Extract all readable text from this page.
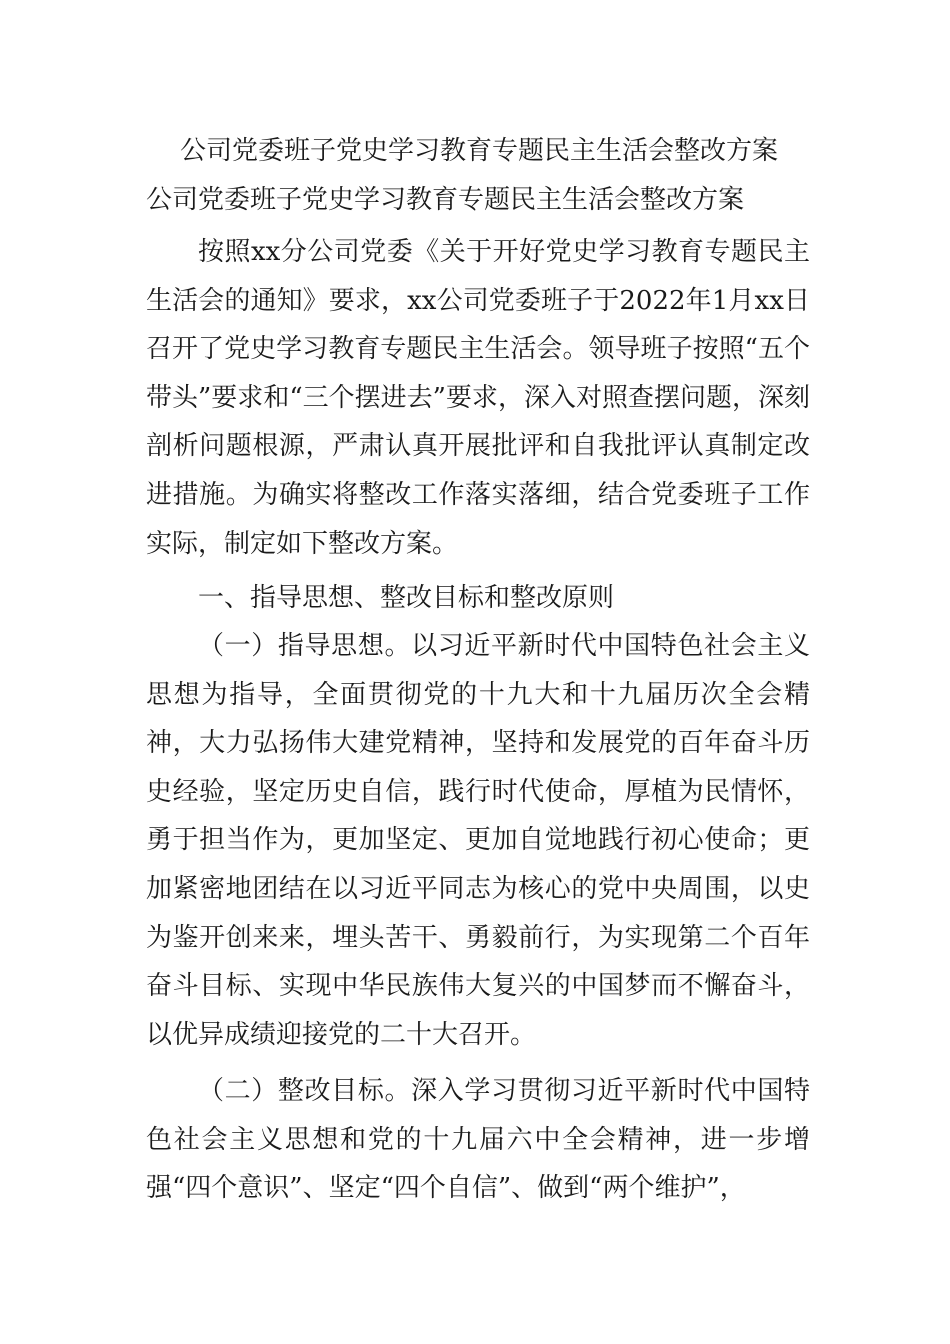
公司党委班子党史学习教育专题民主生活会整改方案
公司党委班子党史学习教育专题民主生活会整改方案

按照xx分公司党委《关于开好党史学习教育专题民主生活会的通知》要求，xx公司党委班子于2022年1月xx日召开了党史学习教育专题民主生活会。领导班子按照“五个带头”要求和“三个摆进去”要求，深入对照查摆问题，深刻剖析问题根源，严肃认真开展批评和自我批评认真制定改进措施。为确实将整改工作落实落细，结合党委班子工作实际，制定如下整改方案。

一、指导思想、整改目标和整改原则

（一）指导思想。以习近平新时代中国特色社会主义思想为指导，全面贯彻党的十九大和十九届历次全会精神，大力弘扬伟大建党精神，坚持和发展党的百年奋斗历史经验，坚定历史自信，践行时代使命，厚植为民情怀，勇于担当作为，更加坚定、更加自觉地践行初心使命；更加紧密地团结在以习近平同志为核心的党中央周围，以史为鉴开创来来，埋头苦干、勇毅前行，为实现第二个百年奋斗目标、实现中华民族伟大复兴的中国梦而不懈奋斗，以优异成绩迎接党的二十大召开。

（二）整改目标。深入学习贯彻习近平新时代中国特色社会主义思想和党的十九届六中全会精神，进一步增强“四个意识”、坚定“四个自信”、做到“两个维护”，
